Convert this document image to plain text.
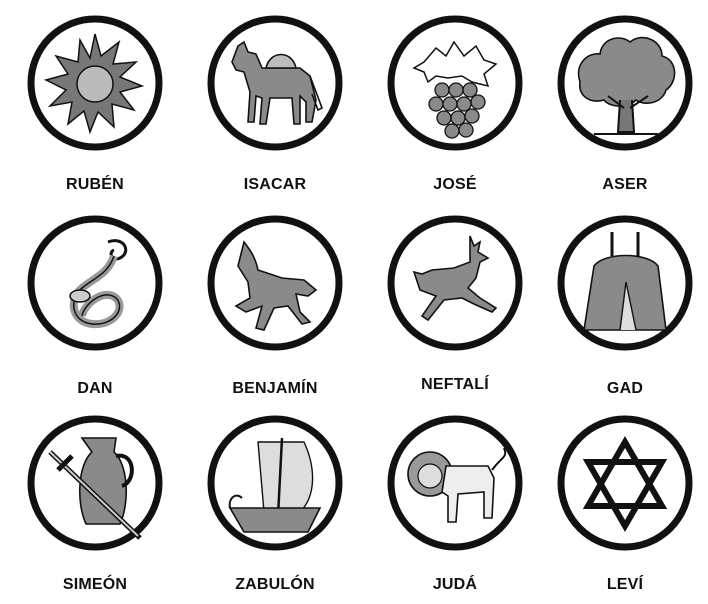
RUBÉN	ISACAR	JOSÉ	ASER
DAN	BENJAMÍN	NEFTALÍ	GAD
SIMEÓN	ZABULÓN	JUDÁ	LEVÍ
